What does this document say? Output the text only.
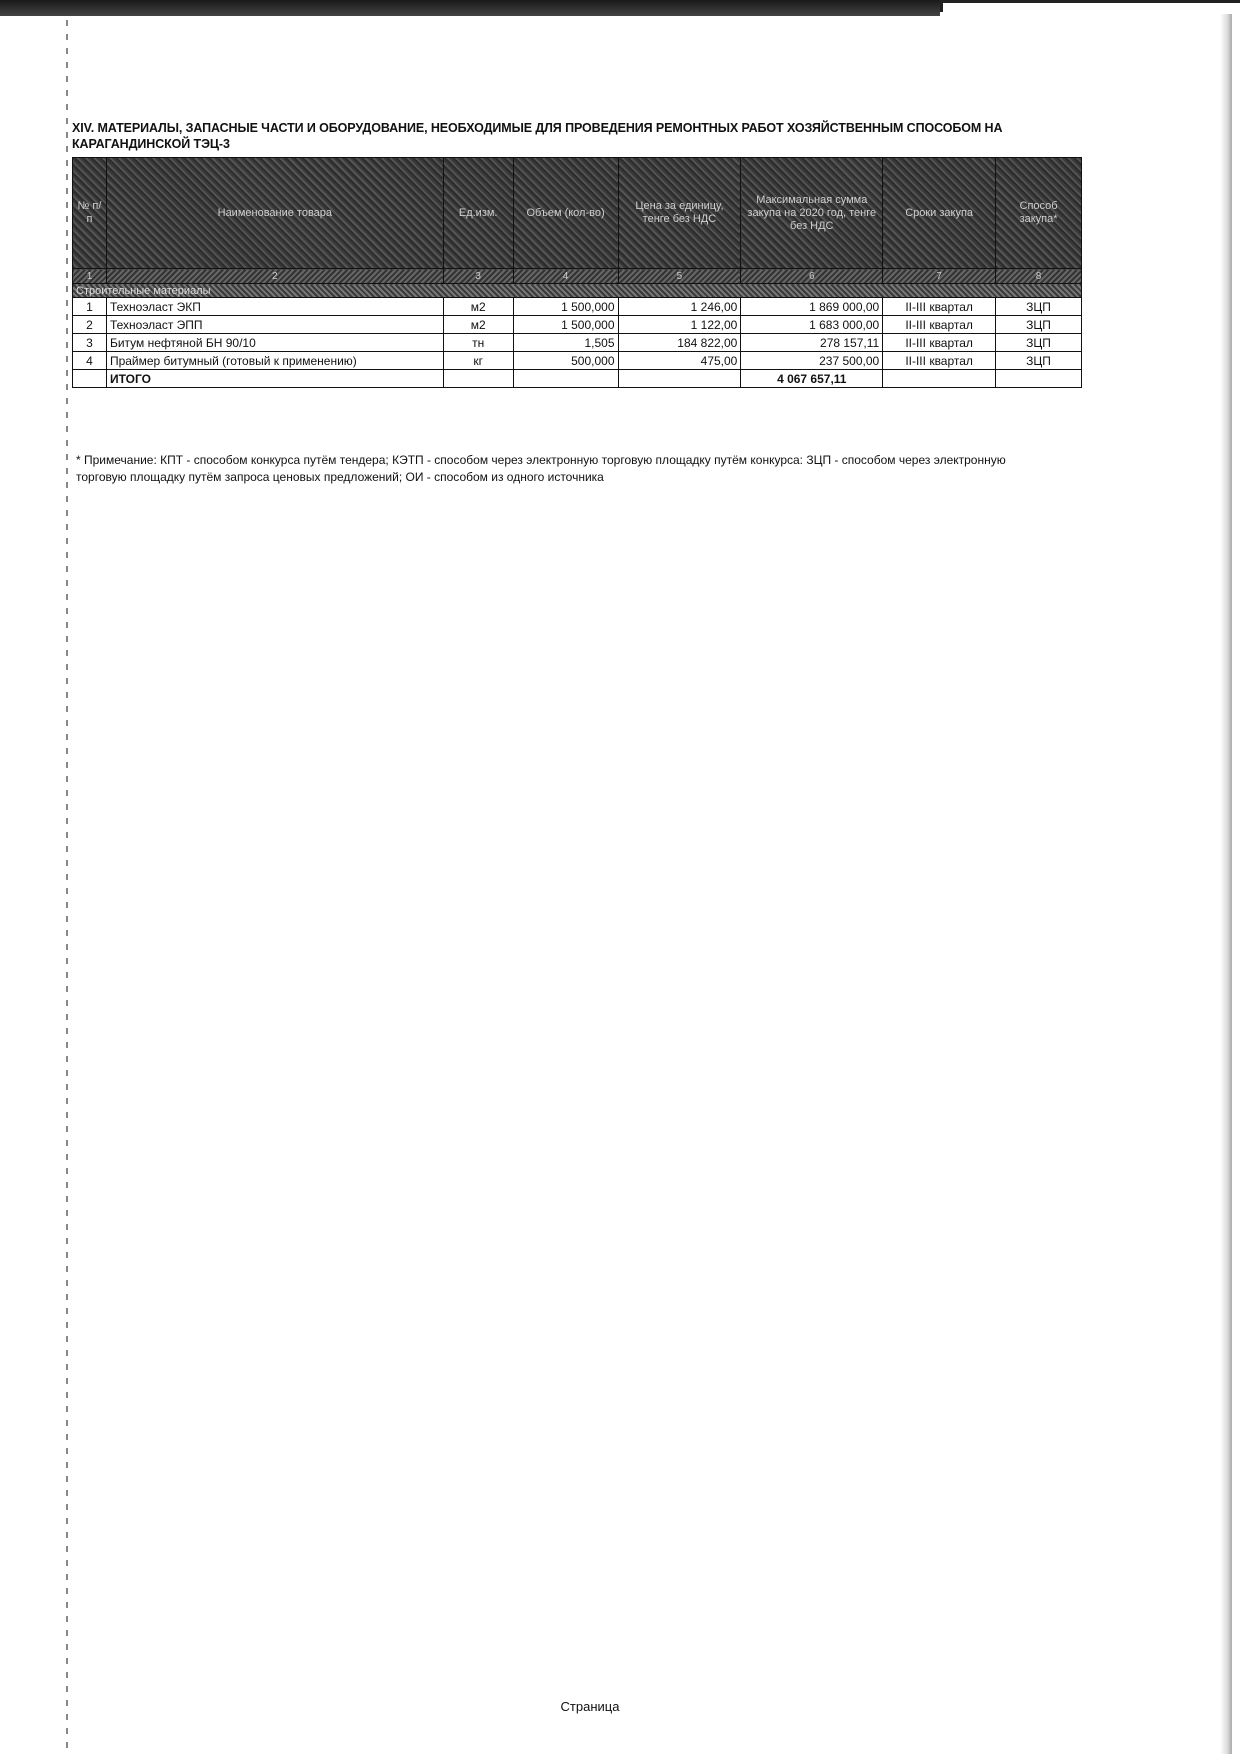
XIV. МАТЕРИАЛЫ, ЗАПАСНЫЕ ЧАСТИ И ОБОРУДОВАНИЕ, НЕОБХОДИМЫЕ ДЛЯ ПРОВЕДЕНИЯ РЕМОНТНЫХ РАБОТ ХОЗЯЙСТВЕННЫМ СПОСОБОМ НА КАРАГАНДИНСКОЙ ТЭЦ-3
№ п/п	Наименование товара	Ед.изм.	Объем (кол-во)	Цена за единицу, тенге без НДС	Максимальная сумма закупа на 2020 год, тенге без НДС	Сроки закупа	Способ закупа*
1	2	3	4	5	6	7	8
Строительные материалы							
1	Техноэласт ЭКП	м2	1 500,000	1 246,00	1 869 000,00	II-III квартал	ЗЦП
2	Техноэласт ЭПП	м2	1 500,000	1 122,00	1 683 000,00	II-III квартал	ЗЦП
3	Битум нефтяной БН 90/10	тн	1,505	184 822,00	278 157,11	II-III квартал	ЗЦП
4	Праймер битумный (готовый к применению)	кг	500,000	475,00	237 500,00	II-III квартал	ЗЦП
	ИТОГО				4 067 657,11		
* Примечание: КПТ - способом конкурса путём тендера; КЭТП - способом через электронную торговую площадку путём конкурса: ЗЦП - способом через электронную торговую площадку путём запроса ценовых предложений; ОИ - способом из одного источника
Страница
